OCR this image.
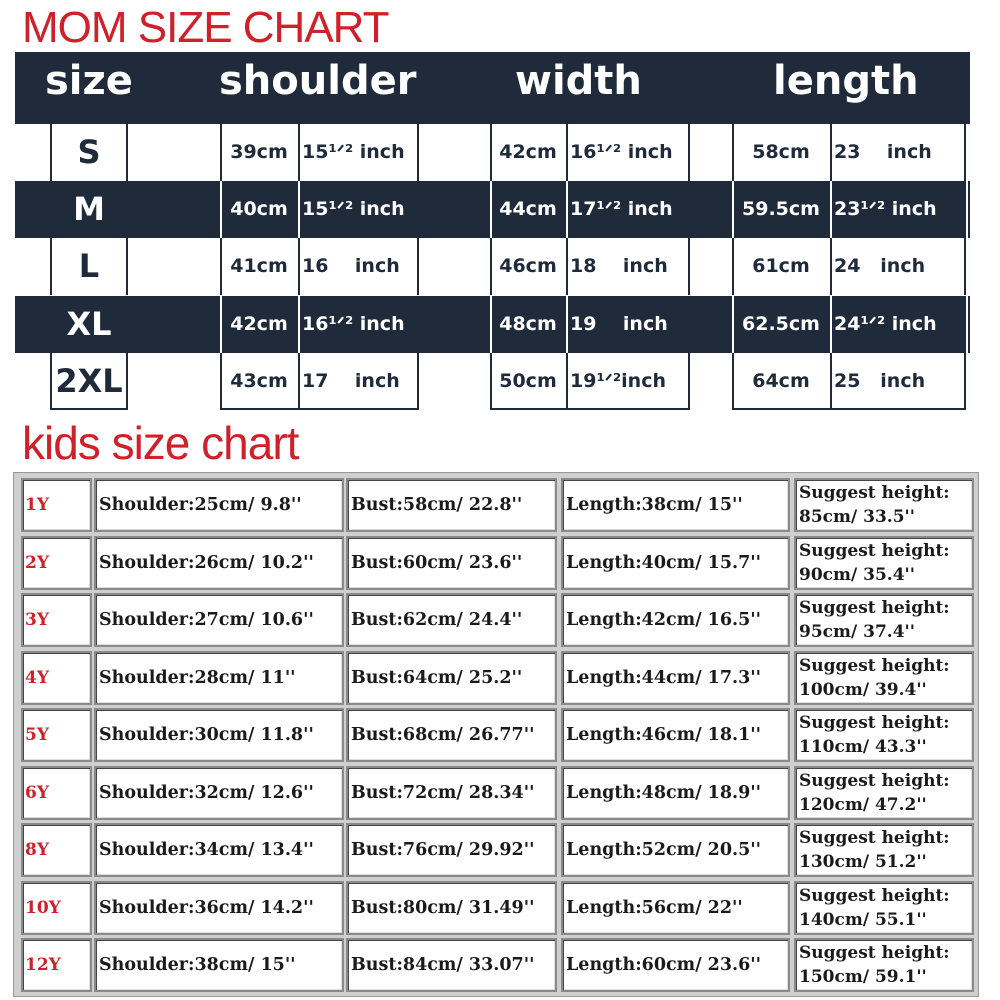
MOM SIZE CHART
size shoulder width	length
S	39cm 15¹ᐟ² inch	42cm 16¹ᐟ² inch	58cm	23    inch
M	40cm 15¹ᐟ² inch	44cm 17¹ᐟ² inch	59.5cm 23¹ᐟ² inch
L	41cm 16    inch	46cm 18    inch	61cm	24   inch
XL	42cm 16¹ᐟ² inch	48cm 19    inch	62.5cm 24¹ᐟ² inch
2XL	43cm 17    inch	50cm 19¹ᐟ²inch	64cm	25   inch
kids size chart
1Y	Shoulder:25cm/ 9.8''	Bust:58cm/ 22.8'' Length:38cm/ 15''
Suggest height:
85cm/ 33.5''
2Y	Shoulder:26cm/ 10.2'' Bust:60cm/ 23.6'' Length:40cm/ 15.7''
Suggest height:
90cm/ 35.4''
3Y	Shoulder:27cm/ 10.6'' Bust:62cm/ 24.4'' Length:42cm/ 16.5''
Suggest height:
95cm/ 37.4''
4Y	Shoulder:28cm/ 11''	Bust:64cm/ 25.2'' Length:44cm/ 17.3''
Suggest height:
100cm/ 39.4''
5Y	Shoulder:30cm/ 11.8'' Bust:68cm/ 26.77'' Length:46cm/ 18.1''
Suggest height:
110cm/ 43.3''
6Y	Shoulder:32cm/ 12.6'' Bust:72cm/ 28.34'' Length:48cm/ 18.9''
Suggest height:
120cm/ 47.2''
8Y	Shoulder:34cm/ 13.4'' Bust:76cm/ 29.92'' Length:52cm/ 20.5''
Suggest height:
130cm/ 51.2''
10Y Shoulder:36cm/ 14.2'' Bust:80cm/ 31.49'' Length:56cm/ 22''
Suggest height:
140cm/ 55.1''
12Y Shoulder:38cm/ 15''	Bust:84cm/ 33.07'' Length:60cm/ 23.6''
Suggest height:
150cm/ 59.1''
